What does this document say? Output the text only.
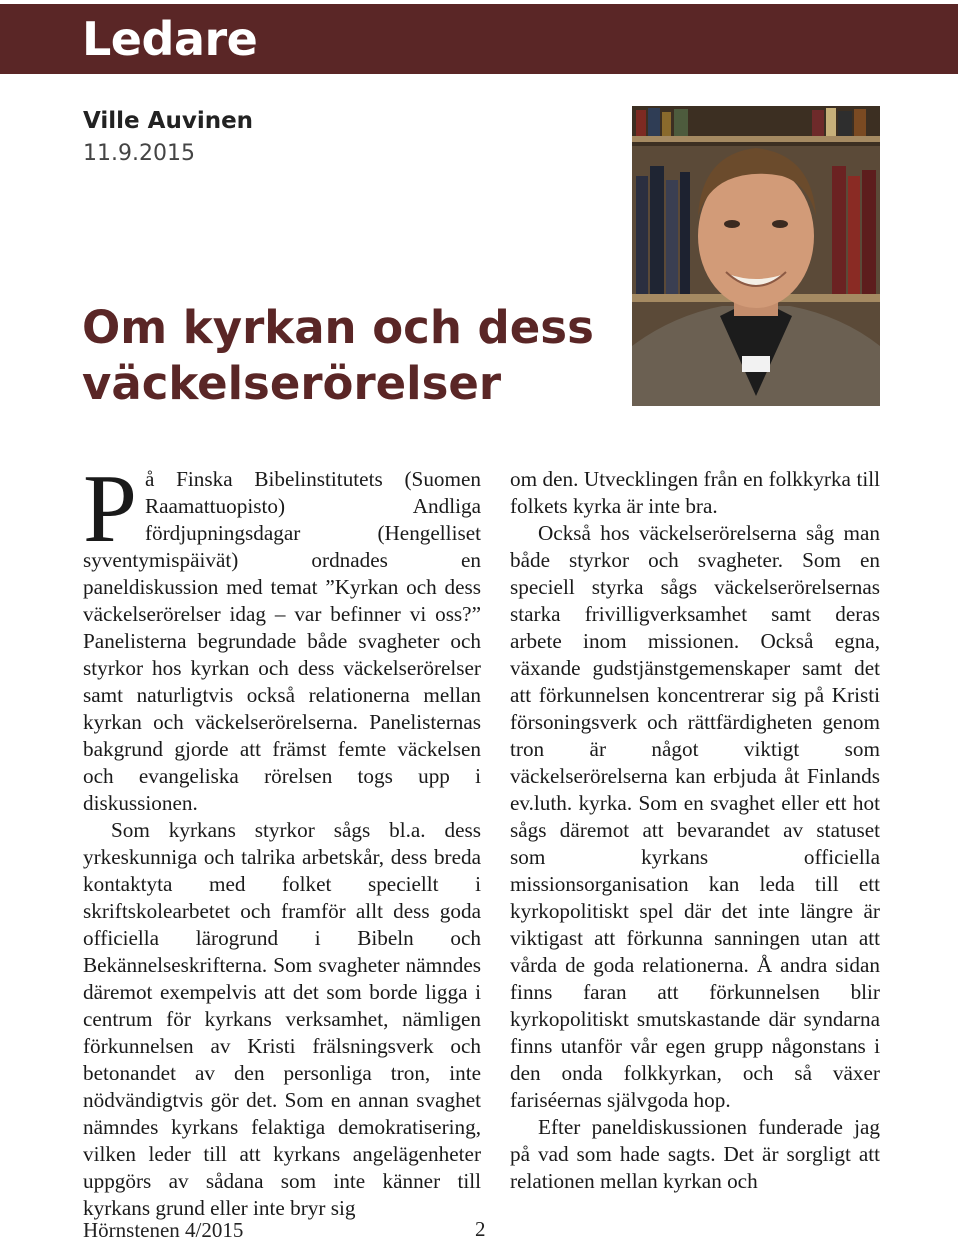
Ledare
Ville Auvinen
11.9.2015
Om kyrkan och dess
väckelserörelser

På Finska Bibelinstitutets (Suomen Raamattuopisto) Andliga fördjupningsdagar (Hengelliset syventymispäivät) ordnades en paneldiskussion med temat ”Kyrkan och dess väckelserörelser idag – var befinner vi oss?” Panelisterna begrundade både svagheter och styrkor hos kyrkan och dess väckelserörelser samt naturligtvis också relationerna mellan kyrkan och väckelserörelserna. Panelisternas bakgrund gjorde att främst femte väckelsen och evangeliska rörelsen togs upp i diskussionen.

Som kyrkans styrkor sågs bl.a. dess yrkeskunniga och talrika arbetskår, dess breda kontaktyta med folket speciellt i skriftskolearbetet och framför allt dess goda officiella lärogrund i Bibeln och Bekännelseskrifterna. Som svagheter nämndes däremot exempelvis att det som borde ligga i centrum för kyrkans verksamhet, nämligen förkunnelsen av Kristi frälsningsverk och betonandet av den personliga tron, inte nödvändigtvis gör det. Som en annan svaghet nämndes kyrkans felaktiga demokratisering, vilken leder till att kyrkans angelägenheter uppgörs av sådana som inte känner till kyrkans grund eller inte bryr sig

om den. Utvecklingen från en folkkyrka till folkets kyrka är inte bra.

Också hos väckelserörelserna såg man både styrkor och svagheter. Som en speciell styrka sågs väckelserörelsernas starka frivilligverksamhet samt deras arbete inom missionen. Också egna, växande gudstjänstgemenskaper samt det att förkunnelsen koncentrerar sig på Kristi försoningsverk och rättfärdigheten genom tron är något viktigt som väckelserörelserna kan erbjuda åt Finlands ev.luth. kyrka. Som en svaghet eller ett hot sågs däremot att bevarandet av statuset som kyrkans officiella missionsorganisation kan leda till ett kyrkopolitiskt spel där det inte längre är viktigast att förkunna sanningen utan att vårda de goda relationerna. Å andra sidan finns faran att förkunnelsen blir kyrkopolitiskt smutskastande där syndarna finns utanför vår egen grupp någonstans i den onda folkkyrkan, och så växer fariséernas självgoda hop.

Efter paneldiskussionen funderade jag på vad som hade sagts. Det är sorgligt att relationen mellan kyrkan och

Hörnstenen 4/2015	2
